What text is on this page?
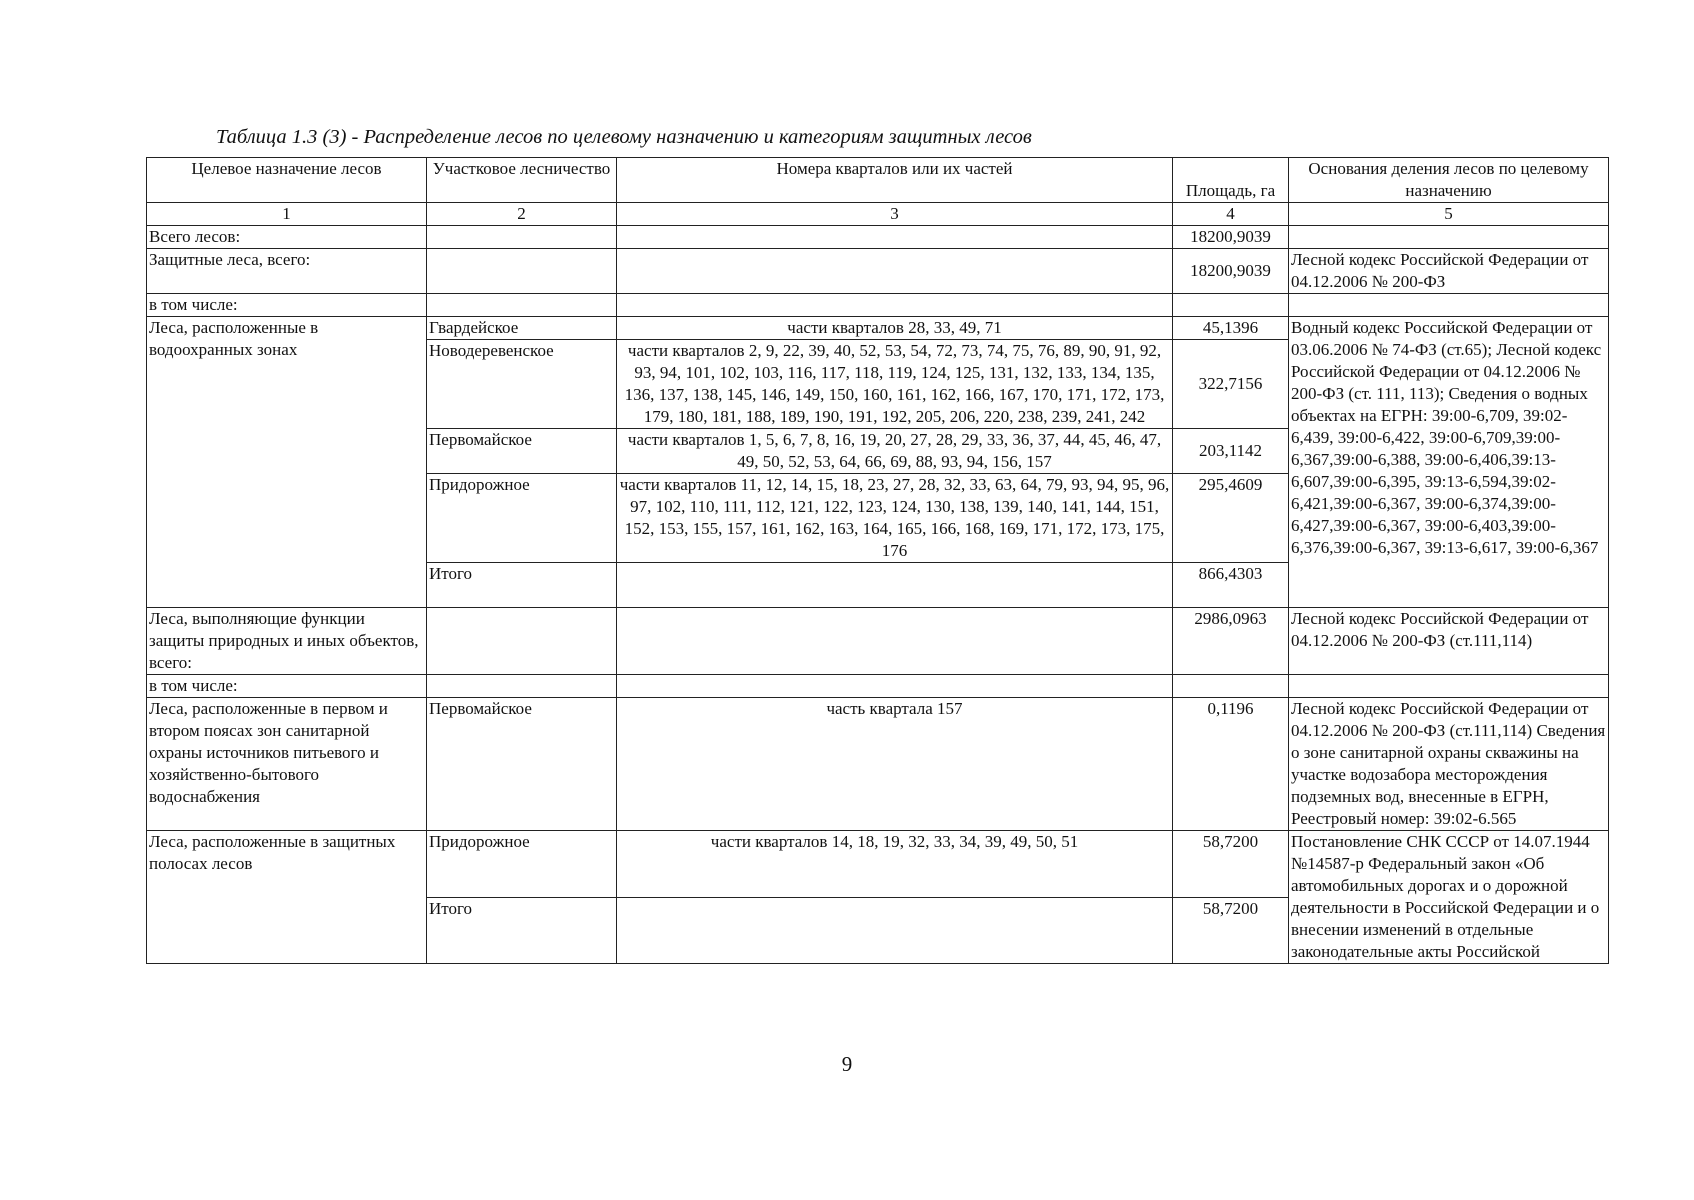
Таблица 1.3 (3) - Распределение лесов по целевому назначению и категориям защитных лесов
Целевое назначение лесов	Участковое лесничество	Номера кварталов или их частей	Площадь, га	Основания деления лесов по целевому назначению
1	2	3	4	5
Всего лесов:			18200,9039	
Защитные леса, всего:			18200,9039	Лесной кодекс Российской Федерации от 04.12.2006 № 200-ФЗ
в том числе:				
Леса, расположенные в водоохранных зонах	Гвардейское	части кварталов 28, 33, 49, 71	45,1396	Водный кодекс Российской Федерации от 03.06.2006 № 74-ФЗ (ст.65); Лесной кодекс Российской Федерации от 04.12.2006 № 200-ФЗ (ст. 111, 113); Сведения о водных объектах на ЕГРН: 39:00-6,709, 39:02-6,439, 39:00-6,422, 39:00-6,709,39:00-6,367,39:00-6,388, 39:00-6,406,39:13-6,607,39:00-6,395, 39:13-6,594,39:02-6,421,39:00-6,367, 39:00-6,374,39:00-6,427,39:00-6,367, 39:00-6,403,39:00-6,376,39:00-6,367, 39:13-6,617, 39:00-6,367
	Новодеревенское	части кварталов 2, 9, 22, 39, 40, 52, 53, 54, 72, 73, 74, 75, 76, 89, 90, 91, 92, 93, 94, 101, 102, 103, 116, 117, 118, 119, 124, 125, 131, 132, 133, 134, 135, 136, 137, 138, 145, 146, 149, 150, 160, 161, 162, 166, 167, 170, 171, 172, 173, 179, 180, 181, 188, 189, 190, 191, 192, 205, 206, 220, 238, 239, 241, 242	322,7156	
	Первомайское	части кварталов 1, 5, 6, 7, 8, 16, 19, 20, 27, 28, 29, 33, 36, 37, 44, 45, 46, 47, 49, 50, 52, 53, 64, 66, 69, 88, 93, 94, 156, 157	203,1142	
	Придорожное	части кварталов 11, 12, 14, 15, 18, 23, 27, 28, 32, 33, 63, 64, 79, 93, 94, 95, 96, 97, 102, 110, 111, 112, 121, 122, 123, 124, 130, 138, 139, 140, 141, 144, 151, 152, 153, 155, 157, 161, 162, 163, 164, 165, 166, 168, 169, 171, 172, 173, 175, 176	295,4609	
	Итого		866,4303	
Леса, выполняющие функции защиты природных и иных объектов, всего:			2986,0963	Лесной кодекс Российской Федерации от 04.12.2006 № 200-ФЗ (ст.111,114)
в том числе:				
Леса, расположенные в первом и втором поясах зон санитарной охраны источников питьевого и хозяйственно-бытового водоснабжения	Первомайское	часть квартала 157	0,1196	Лесной кодекс Российской Федерации от 04.12.2006 № 200-ФЗ (ст.111,114) Сведения о зоне санитарной охраны скважины на участке водозабора месторождения подземных вод, внесенные в ЕГРН, Реестровый номер: 39:02-6.565
Леса, расположенные в защитных полосах лесов	Придорожное	части кварталов 14, 18, 19, 32, 33, 34, 39, 49, 50, 51	58,7200	Постановление СНК СССР от 14.07.1944 №14587-р Федеральный закон «Об автомобильных дорогах и о дорожной деятельности в Российской Федерации и о внесении изменений в отдельные законодательные акты Российской
	Итого		58,7200	
9
